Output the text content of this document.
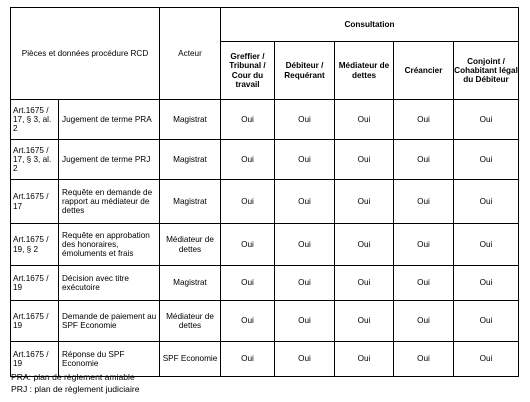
Pièces et données procédure RCD		Acteur	Consultation				
			Greffier / Tribunal / Cour du travail	Débiteur / Requérant	Médiateur de dettes	Créancier	Conjoint / Cohabitant légal du Débiteur
Art.1675 / 17, § 3, al. 2	Jugement de terme PRA	Magistrat	Oui	Oui	Oui	Oui	Oui
Art.1675 / 17, § 3, al. 2	Jugement de terme PRJ	Magistrat	Oui	Oui	Oui	Oui	Oui
Art.1675 / 17	Requête en demande de rapport au médiateur de dettes	Magistrat	Oui	Oui	Oui	Oui	Oui
Art.1675 / 19, § 2	Requête en approbation des honoraires, émoluments et frais	Médiateur de dettes	Oui	Oui	Oui	Oui	Oui
Art.1675 / 19	Décision avec titre exécutoire	Magistrat	Oui	Oui	Oui	Oui	Oui
Art.1675 / 19	Demande de paiement au SPF Economie	Médiateur de dettes	Oui	Oui	Oui	Oui	Oui
Art.1675 / 19	Réponse du SPF Economie	SPF Economie	Oui	Oui	Oui	Oui	Oui
PRA: plan de règlement amiable
PRJ : plan de règlement judiciaire
